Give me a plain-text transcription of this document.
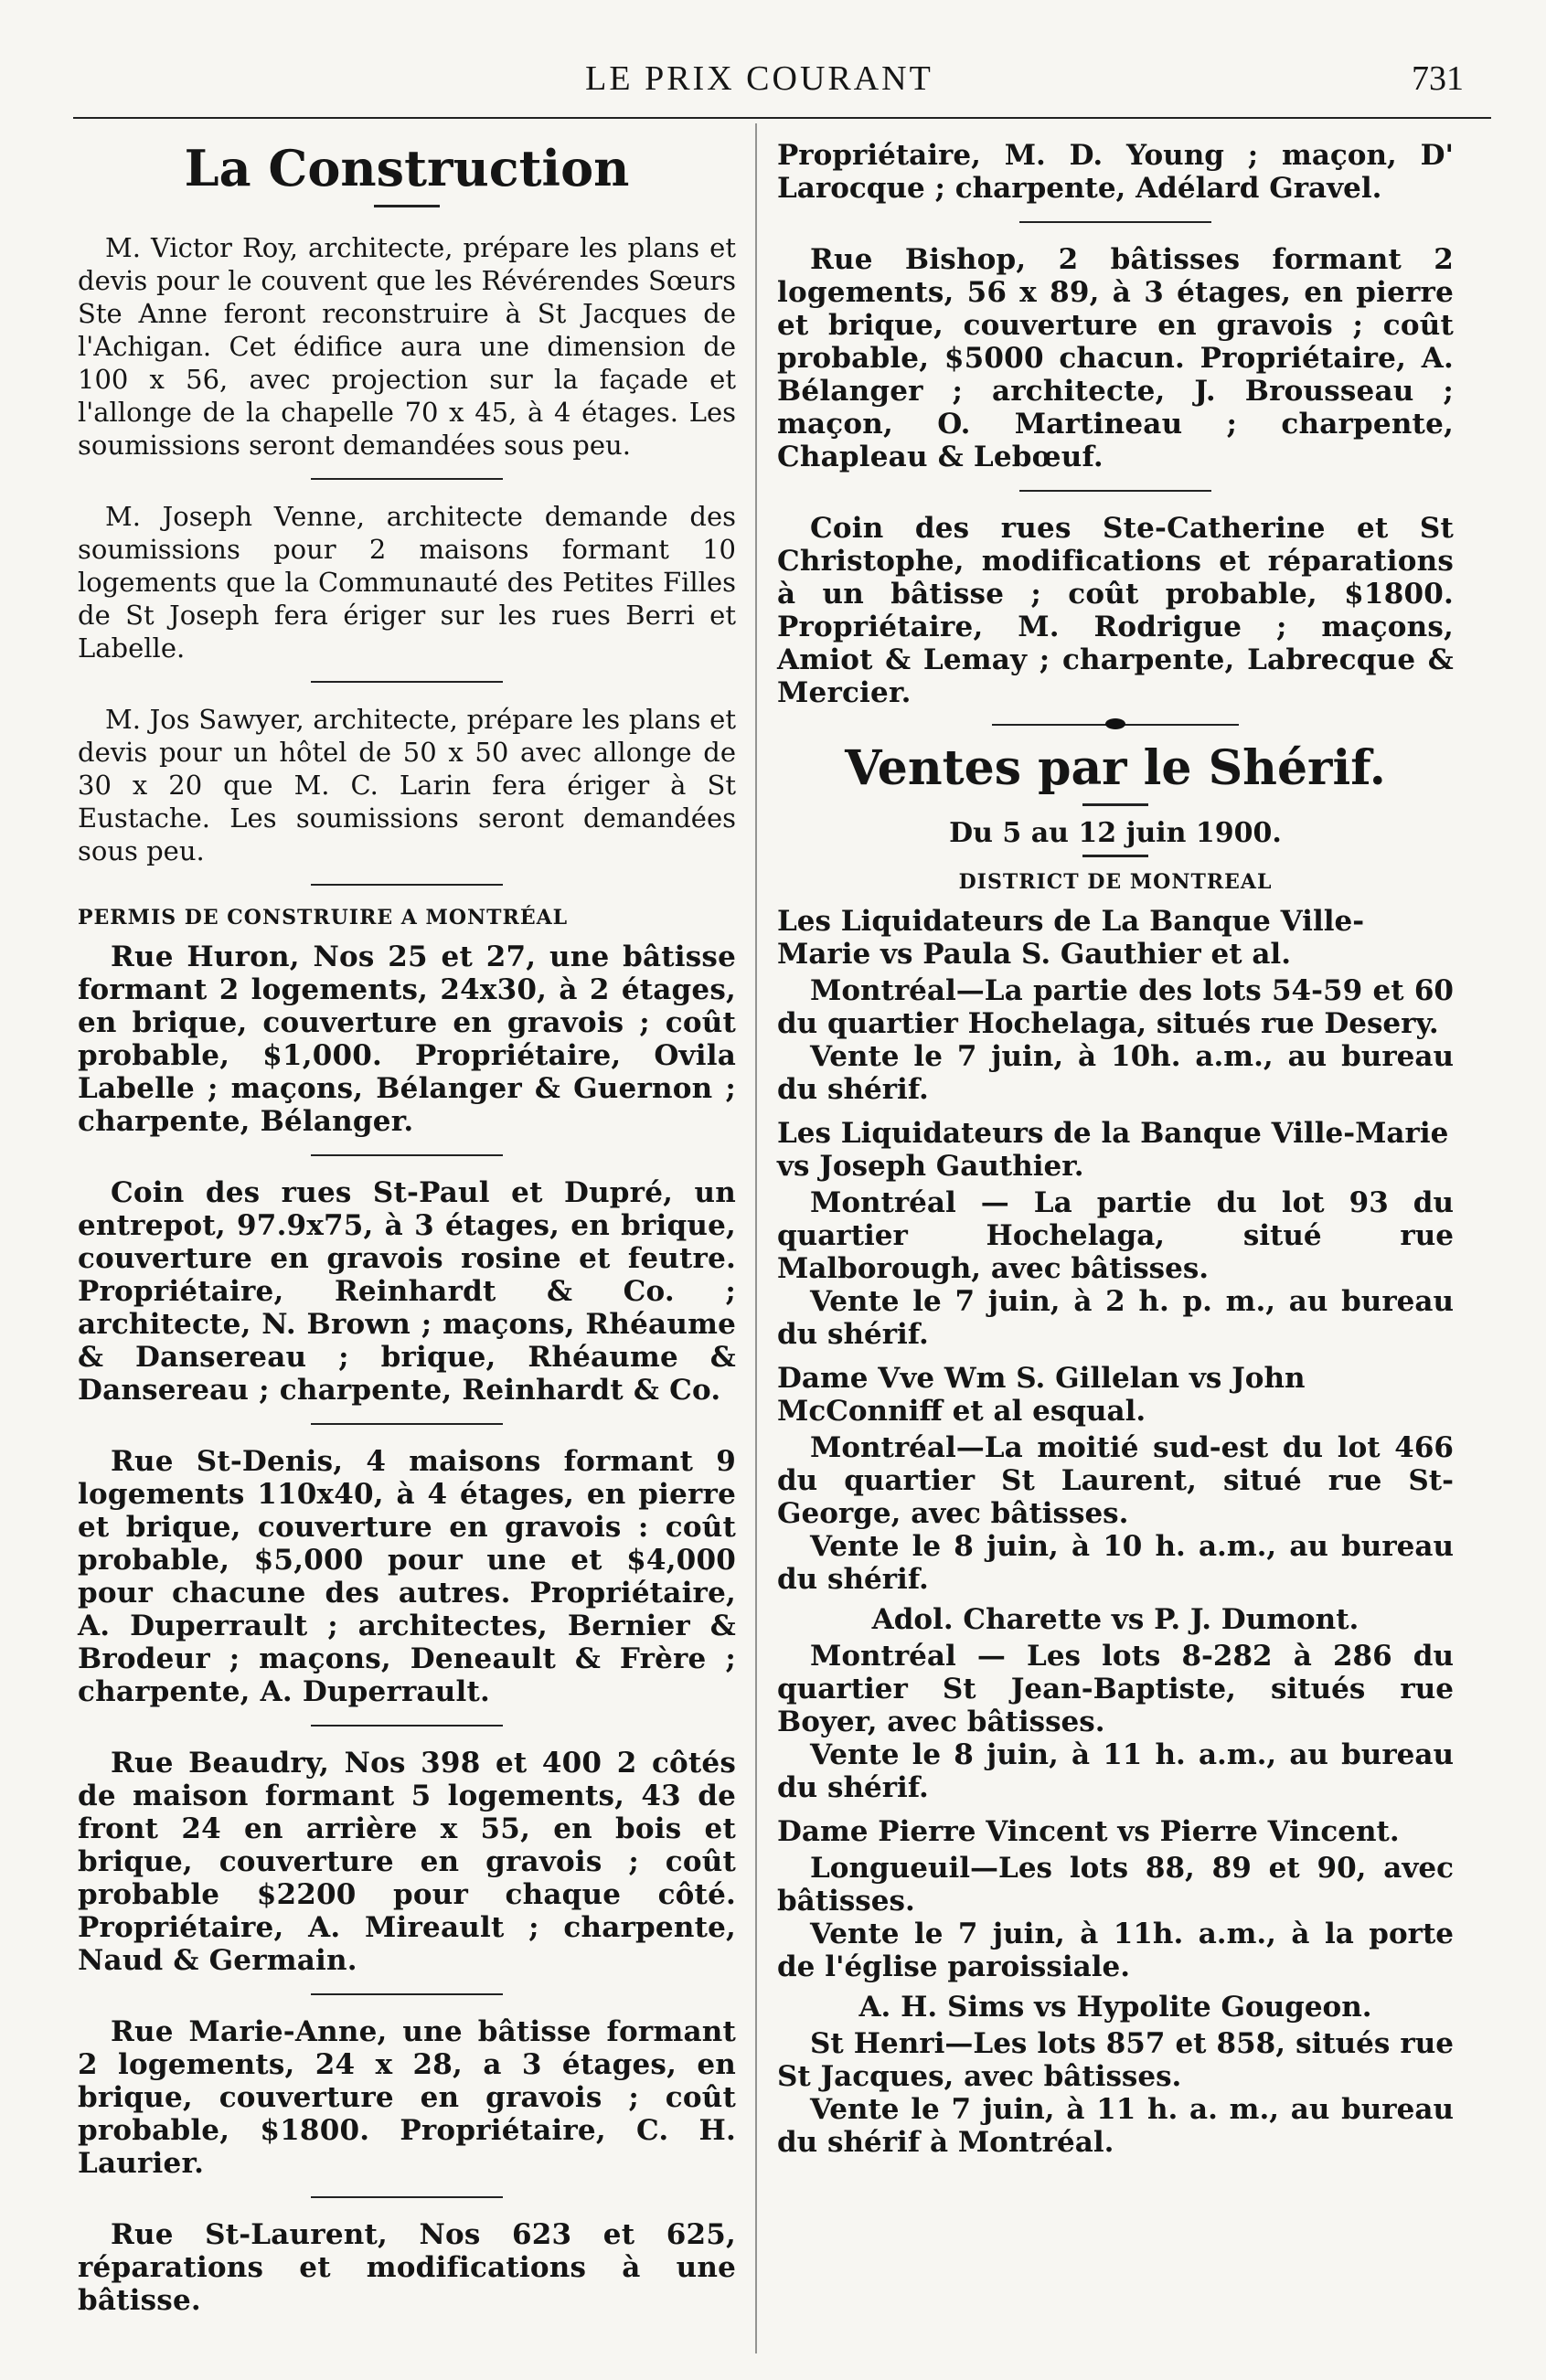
LE PRIX COURANT	731
La Construction

M. Victor Roy, architecte, prépare les plans et devis pour le couvent que les Révérendes Sœurs Ste Anne feront reconstruire à St Jacques de l'Achigan. Cet édifice aura une dimension de 100 x 56, avec projection sur la façade et l'allonge de la chapelle 70 x 45, à 4 étages. Les soumissions seront demandées sous peu.

M. Joseph Venne, architecte demande des soumissions pour 2 maisons formant 10 logements que la Communauté des Petites Filles de St Joseph fera ériger sur les rues Berri et Labelle.

M. Jos Sawyer, architecte, prépare les plans et devis pour un hôtel de 50 x 50 avec allonge de 30 x 20 que M. C. Larin fera ériger à St Eustache. Les soumissions seront demandées sous peu.

PERMIS DE CONSTRUIRE A MONTRÉAL

Rue Huron, Nos 25 et 27, une bâtisse formant 2 logements, 24x30, à 2 étages, en brique, couverture en gravois ; coût probable, $1,000. Propriétaire, Ovila Labelle ; maçons, Bélanger & Guernon ; charpente, Bélanger.

Coin des rues St-Paul et Dupré, un entrepot, 97.9x75, à 3 étages, en brique, couverture en gravois rosine et feutre. Propriétaire, Reinhardt & Co. ; architecte, N. Brown ; maçons, Rhéaume & Dansereau ; brique, Rhéaume & Dansereau ; charpente, Reinhardt & Co.

Rue St-Denis, 4 maisons formant 9 logements 110x40, à 4 étages, en pierre et brique, couverture en gravois : coût probable, $5,000 pour une et $4,000 pour chacune des autres. Propriétaire, A. Duperrault ; architectes, Bernier & Brodeur ; maçons, Deneault & Frère ; charpente, A. Duperrault.

Rue Beaudry, Nos 398 et 400 2 côtés de maison formant 5 logements, 43 de front 24 en arrière x 55, en bois et brique, couverture en gravois ; coût probable $2200 pour chaque côté. Propriétaire, A. Mireault ; charpente, Naud & Germain.

Rue Marie-Anne, une bâtisse formant 2 logements, 24 x 28, a 3 étages, en brique, couverture en gravois ; coût probable, $1800. Propriétaire, C. H. Laurier.

Rue St-Laurent, Nos 623 et 625, réparations et modifications à une bâtisse.

Propriétaire, M. D. Young ; maçon, D' Larocque ; charpente, Adélard Gravel.

Rue Bishop, 2 bâtisses formant 2 logements, 56 x 89, à 3 étages, en pierre et brique, couverture en gravois ; coût probable, $5000 chacun. Propriétaire, A. Bélanger ; architecte, J. Brousseau ; maçon, O. Martineau ; charpente, Chapleau & Lebœuf.

Coin des rues Ste-Catherine et St Christophe, modifications et réparations à un bâtisse ; coût probable, $1800. Propriétaire, M. Rodrigue ; maçons, Amiot & Lemay ; charpente, Labrecque & Mercier.

Ventes par le Shérif.
Du 5 au 12 juin 1900.
DISTRICT DE MONTREAL

Les Liquidateurs de La Banque Ville-Marie vs Paula S. Gauthier et al.

Montréal—La partie des lots 54-59 et 60 du quartier Hochelaga, situés rue Desery.

Vente le 7 juin, à 10h. a.m., au bureau du shérif.

Les Liquidateurs de la Banque Ville-Marie vs Joseph Gauthier.

Montréal — La partie du lot 93 du quartier Hochelaga, situé rue Malborough, avec bâtisses.

Vente le 7 juin, à 2 h. p. m., au bureau du shérif.

Dame Vve Wm S. Gillelan vs John McConniff et al esqual.

Montréal—La moitié sud-est du lot 466 du quartier St Laurent, situé rue St-George, avec bâtisses.

Vente le 8 juin, à 10 h. a.m., au bureau du shérif.

Adol. Charette vs P. J. Dumont.

Montréal — Les lots 8-282 à 286 du quartier St Jean-Baptiste, situés rue Boyer, avec bâtisses.

Vente le 8 juin, à 11 h. a.m., au bureau du shérif.

Dame Pierre Vincent vs Pierre Vincent.

Longueuil—Les lots 88, 89 et 90, avec bâtisses.

Vente le 7 juin, à 11h. a.m., à la porte de l'église paroissiale.

A. H. Sims vs Hypolite Gougeon.

St Henri—Les lots 857 et 858, situés rue St Jacques, avec bâtisses.

Vente le 7 juin, à 11 h. a. m., au bureau du shérif à Montréal.
